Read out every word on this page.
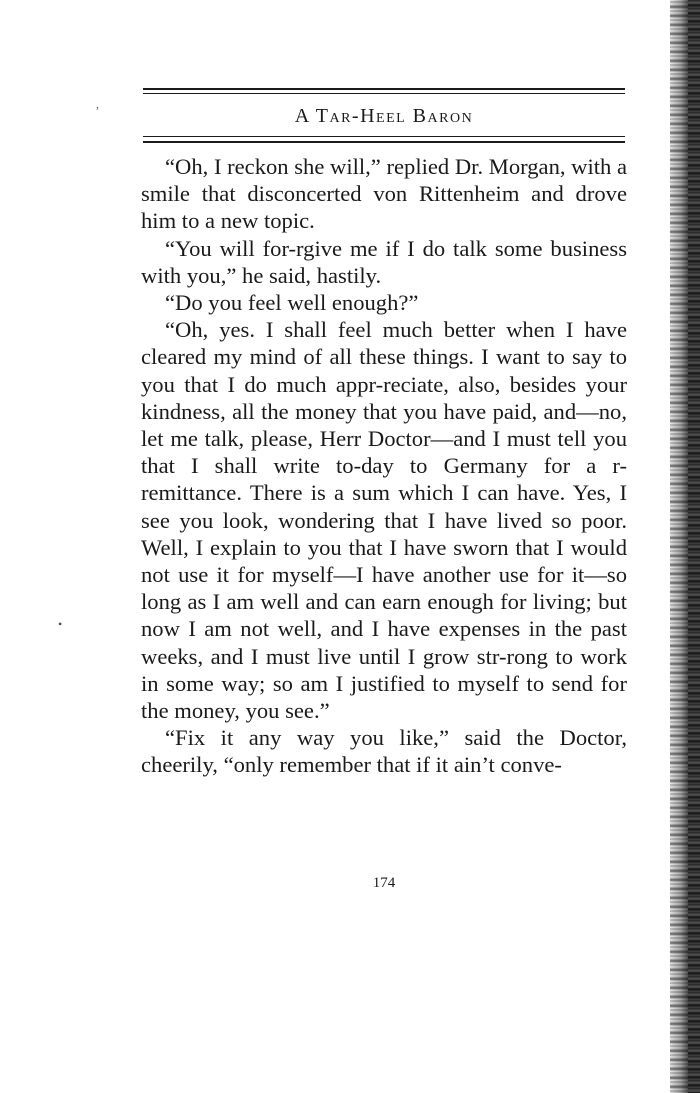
A Tar-Heel Baron

“Oh, I reckon she will,” replied Dr. Morgan, with a smile that disconcerted von Rittenheim and drove him to a new topic.

“You will for-rgive me if I do talk some business with you,” he said, hastily.

“Do you feel well enough?”

“Oh, yes. I shall feel much better when I have cleared my mind of all these things. I want to say to you that I do much appr-reciate, also, besides your kindness, all the money that you have paid, and—no, let me talk, please, Herr Doctor—and I must tell you that I shall write to-day to Germany for a r-remittance. There is a sum which I can have. Yes, I see you look, wondering that I have lived so poor. Well, I explain to you that I have sworn that I would not use it for myself—I have another use for it—so long as I am well and can earn enough for living; but now I am not well, and I have expenses in the past weeks, and I must live until I grow str-rong to work in some way; so am I justified to myself to send for the money, you see.”

“Fix it any way you like,” said the Doctor, cheerily, “only remember that if it ain’t conve-

174
,
•
